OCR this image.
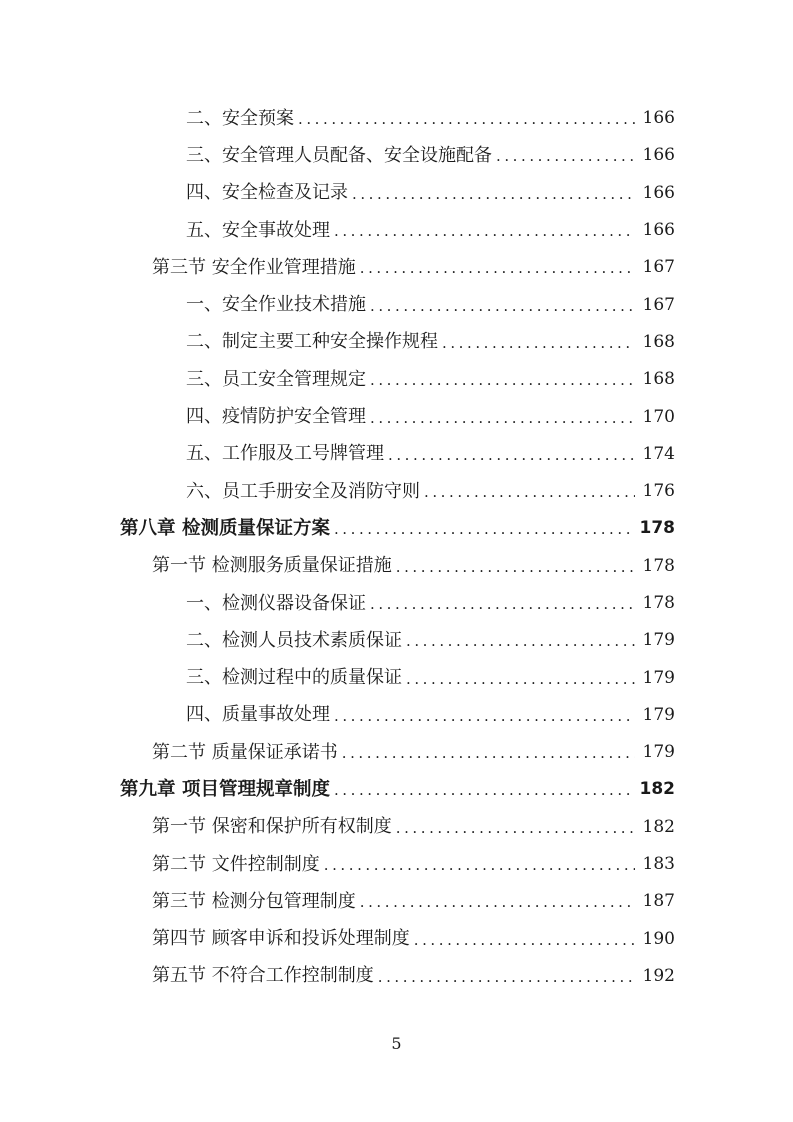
二、安全预案 . . .	166
三、安全管理人员配备、安全设施配备 . . .	166
四、安全检查及记录 . . .	166
五、安全事故处理 . . .	166
第三节 安全作业管理措施 . . .	167
一、安全作业技术措施 . . .	167
二、制定主要工种安全操作规程 . . .	168
三、员工安全管理规定 . . .	168
四、疫情防护安全管理 . . .	170
五、工作服及工号牌管理 . . .	174
六、员工手册安全及消防守则 . . .	176
第八章 检测质量保证方案 . . .	178
第一节 检测服务质量保证措施 . . .	178
一、检测仪器设备保证 . . .	178
二、检测人员技术素质保证 . . .	179
三、检测过程中的质量保证 . . .	179
四、质量事故处理 . . .	179
第二节 质量保证承诺书 . . .	179
第九章 项目管理规章制度 . . .	182
第一节 保密和保护所有权制度 . . .	182
第二节 文件控制制度 . . .	183
第三节 检测分包管理制度 . . .	187
第四节 顾客申诉和投诉处理制度 . . .	190
第五节 不符合工作控制制度 . . .	192
5
